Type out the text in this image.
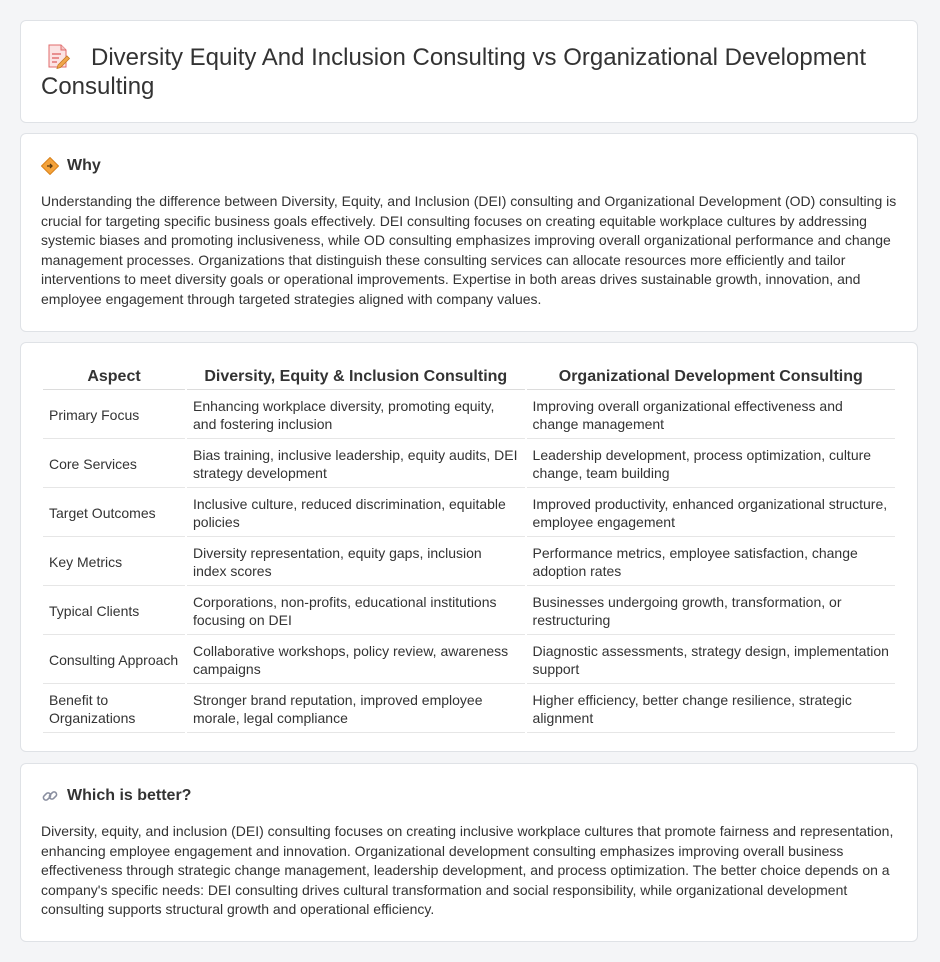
Diversity Equity And Inclusion Consulting vs Organizational Development Consulting
Why

Understanding the difference between Diversity, Equity, and Inclusion (DEI) consulting and Organizational Development (OD) consulting is crucial for targeting specific business goals effectively. DEI consulting focuses on creating equitable workplace cultures by addressing systemic biases and promoting inclusiveness, while OD consulting emphasizes improving overall organizational performance and change management processes. Organizations that distinguish these consulting services can allocate resources more efficiently and tailor interventions to meet diversity goals or operational improvements. Expertise in both areas drives sustainable growth, innovation, and employee engagement through targeted strategies aligned with company values.

Aspect	Diversity, Equity & Inclusion Consulting	Organizational Development Consulting
Primary Focus	Enhancing workplace diversity, promoting equity, and fostering inclusion	Improving overall organizational effectiveness and change management
Core Services	Bias training, inclusive leadership, equity audits, DEI strategy development	Leadership development, process optimization, culture change, team building
Target Outcomes	Inclusive culture, reduced discrimination, equitable policies	Improved productivity, enhanced organizational structure, employee engagement
Key Metrics	Diversity representation, equity gaps, inclusion index scores	Performance metrics, employee satisfaction, change adoption rates
Typical Clients	Corporations, non-profits, educational institutions focusing on DEI	Businesses undergoing growth, transformation, or restructuring
Consulting Approach	Collaborative workshops, policy review, awareness campaigns	Diagnostic assessments, strategy design, implementation support
Benefit to Organizations	Stronger brand reputation, improved employee morale, legal compliance	Higher efficiency, better change resilience, strategic alignment
Which is better?

Diversity, equity, and inclusion (DEI) consulting focuses on creating inclusive workplace cultures that promote fairness and representation, enhancing employee engagement and innovation. Organizational development consulting emphasizes improving overall business effectiveness through strategic change management, leadership development, and process optimization. The better choice depends on a company's specific needs: DEI consulting drives cultural transformation and social responsibility, while organizational development consulting supports structural growth and operational efficiency.
